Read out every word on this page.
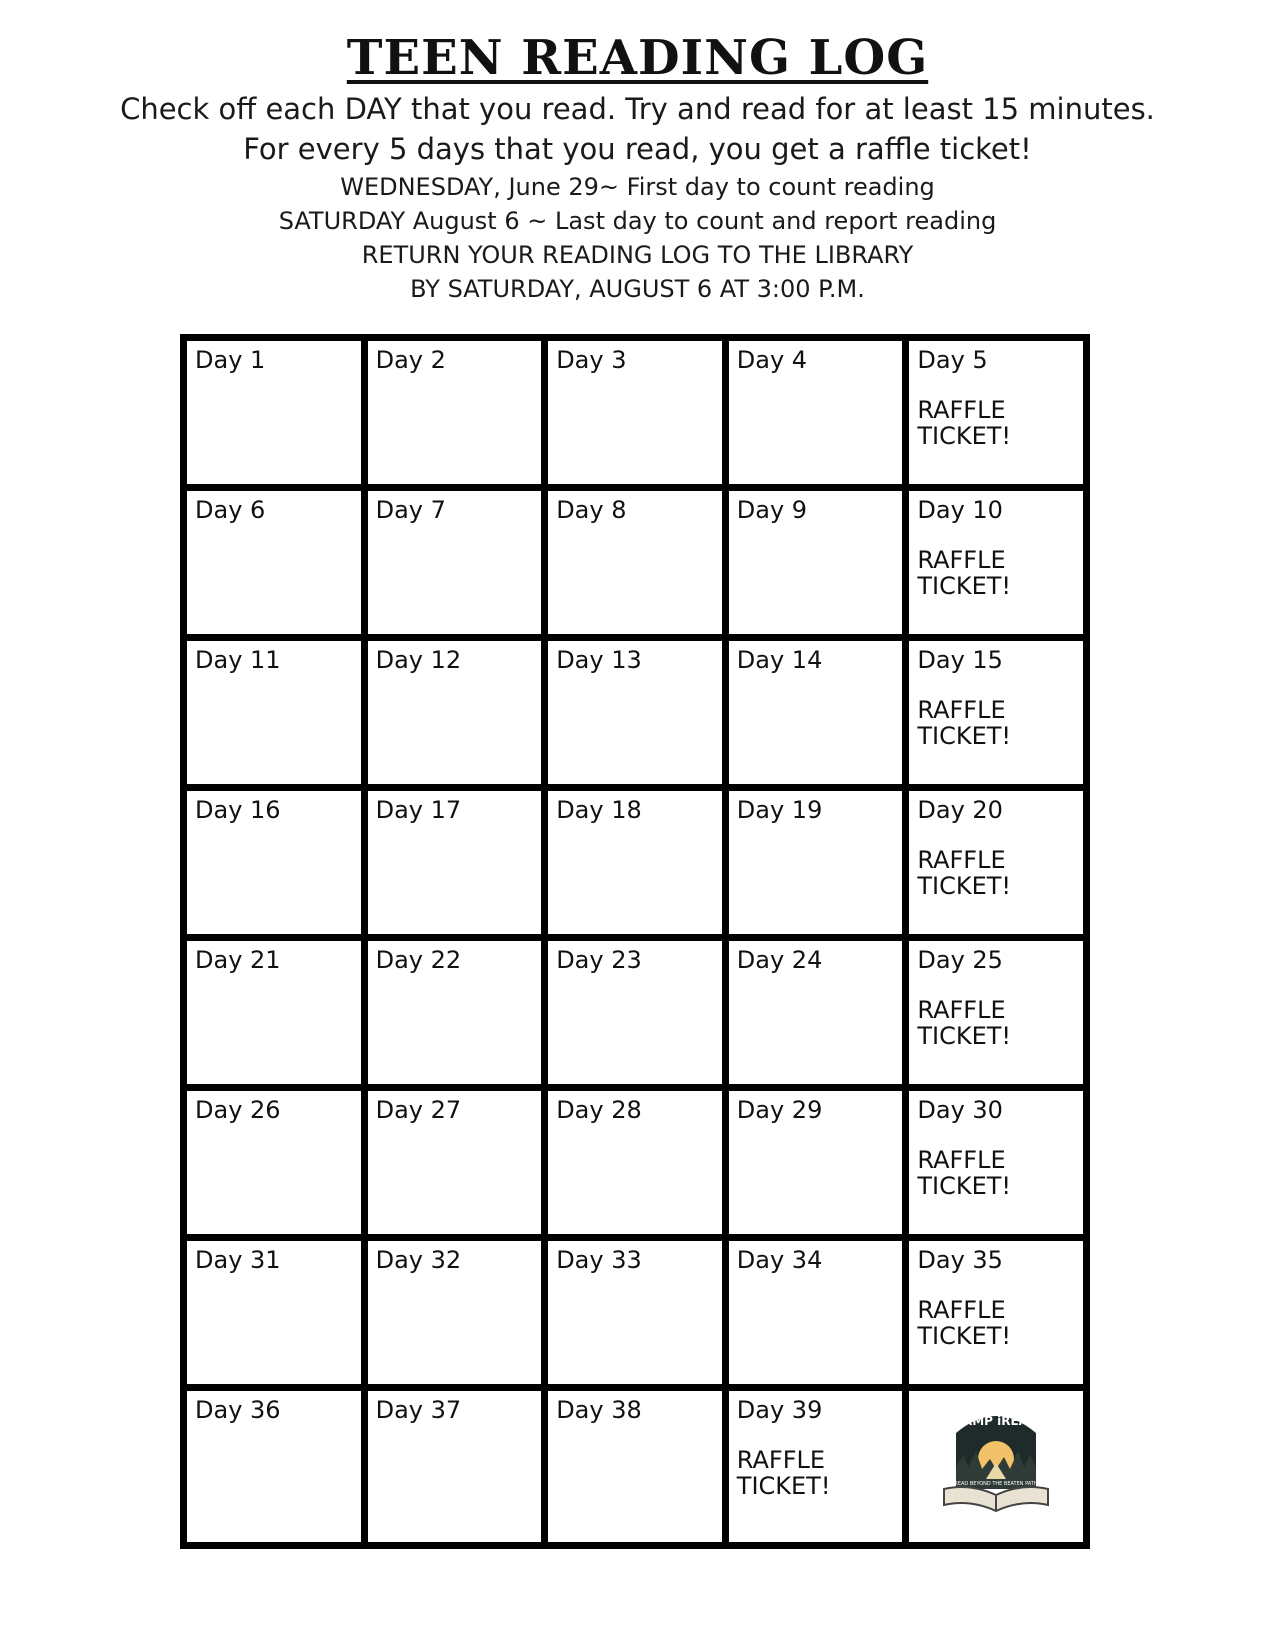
TEEN READING LOG
Check off each DAY that you read. Try and read for at least 15 minutes.
For every 5 days that you read, you get a raffle ticket!
WEDNESDAY, June 29~ First day to count reading
SATURDAY August 6 ~ Last day to count and report reading
RETURN YOUR READING LOG TO THE LIBRARY
BY SATURDAY, AUGUST 6 AT 3:00 P.M.
Day 1	Day 2	Day 3	Day 4	Day 5
RAFFLE
TICKET!

Day 6	Day 7	Day 8	Day 9	Day 10
RAFFLE
TICKET!

Day 11	Day 12	Day 13	Day 14	Day 15
RAFFLE
TICKET!

Day 16	Day 17	Day 18	Day 19	Day 20
RAFFLE
TICKET!

Day 21	Day 22	Day 23	Day 24	Day 25
RAFFLE
TICKET!

Day 26	Day 27	Day 28	Day 29	Day 30
RAFFLE
TICKET!

Day 31	Day 32	Day 33	Day 34	Day 35
RAFFLE
TICKET!

Day 36	Day 37	Day 38	Day 39
RAFFLE
TICKET!	CAMP iREAD
READ BEYOND THE BEATEN PATH
